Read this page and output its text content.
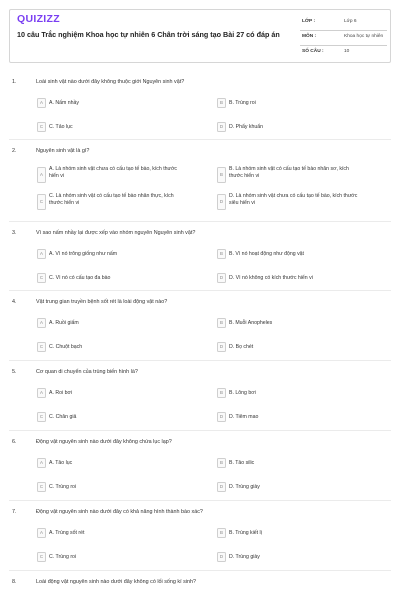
QUIZIZZ
10 câu Trắc nghiệm Khoa học tự nhiên 6 Chân trời sáng tạo Bài 27 có đáp án
LỚP :	Lớp 6
MÔN :	Khoa học tự nhiên
SỐ CÂU :	10
1.	Loài sinh vật nào dưới đây không thuộc giới Nguyên sinh vật?
A	A. Nấm nhầy	B	B. Trùng roi
C	C. Tảo lục	D	D. Phẩy khuẩn
2.	Nguyên sinh vật là gì?
A
A. Là nhóm sinh vật chưa có cấu tạo tế bào, kích thước hiển vi	B
B. Là nhóm sinh vật có cấu tạo tế bào nhân sơ, kích thước hiển vi
C
C. Là nhóm sinh vật có cấu tạo tế bào nhân thực, kích thước hiển vi	D
D. Là nhóm sinh vật chưa có cấu tạo tế bào, kích thước siêu hiển vi
3.	Vì sao nấm nhầy lại được xếp vào nhóm nguyên Nguyên sinh vật?
A	A. Vì nó trông giống như nấm	B	B. Vì nó hoạt động như động vật
C	C. Vì nó có cấu tạo đa bào	D	D. Vì nó không có kích thước hiển vi
4.	Vật trung gian truyền bệnh sốt rét là loài động vật nào?
A	A. Ruồi giấm	B	B. Muỗi Anopheles
C	C. Chuột bạch	D	D. Bọ chét
5.	Cơ quan di chuyển của trùng biến hình là?
A	A. Roi bơi	B	B. Lông bơi
C	C. Chân giả	D	D. Tiêm mao
6.	Động vật nguyên sinh nào dưới đây không chứa lục lạp?
A	A. Tảo lục	B	B. Tảo silic
C	C. Trùng roi	D	D. Trùng giày
7.	Động vật nguyên sinh nào dưới đây có khả năng hình thành bào xác?
A	A. Trùng sốt rét	B	B. Trùng kiết lị
C	C. Trùng roi	D	D. Trùng giày
8.	Loài động vật nguyên sinh nào dưới đây không có lối sống kí sinh?
